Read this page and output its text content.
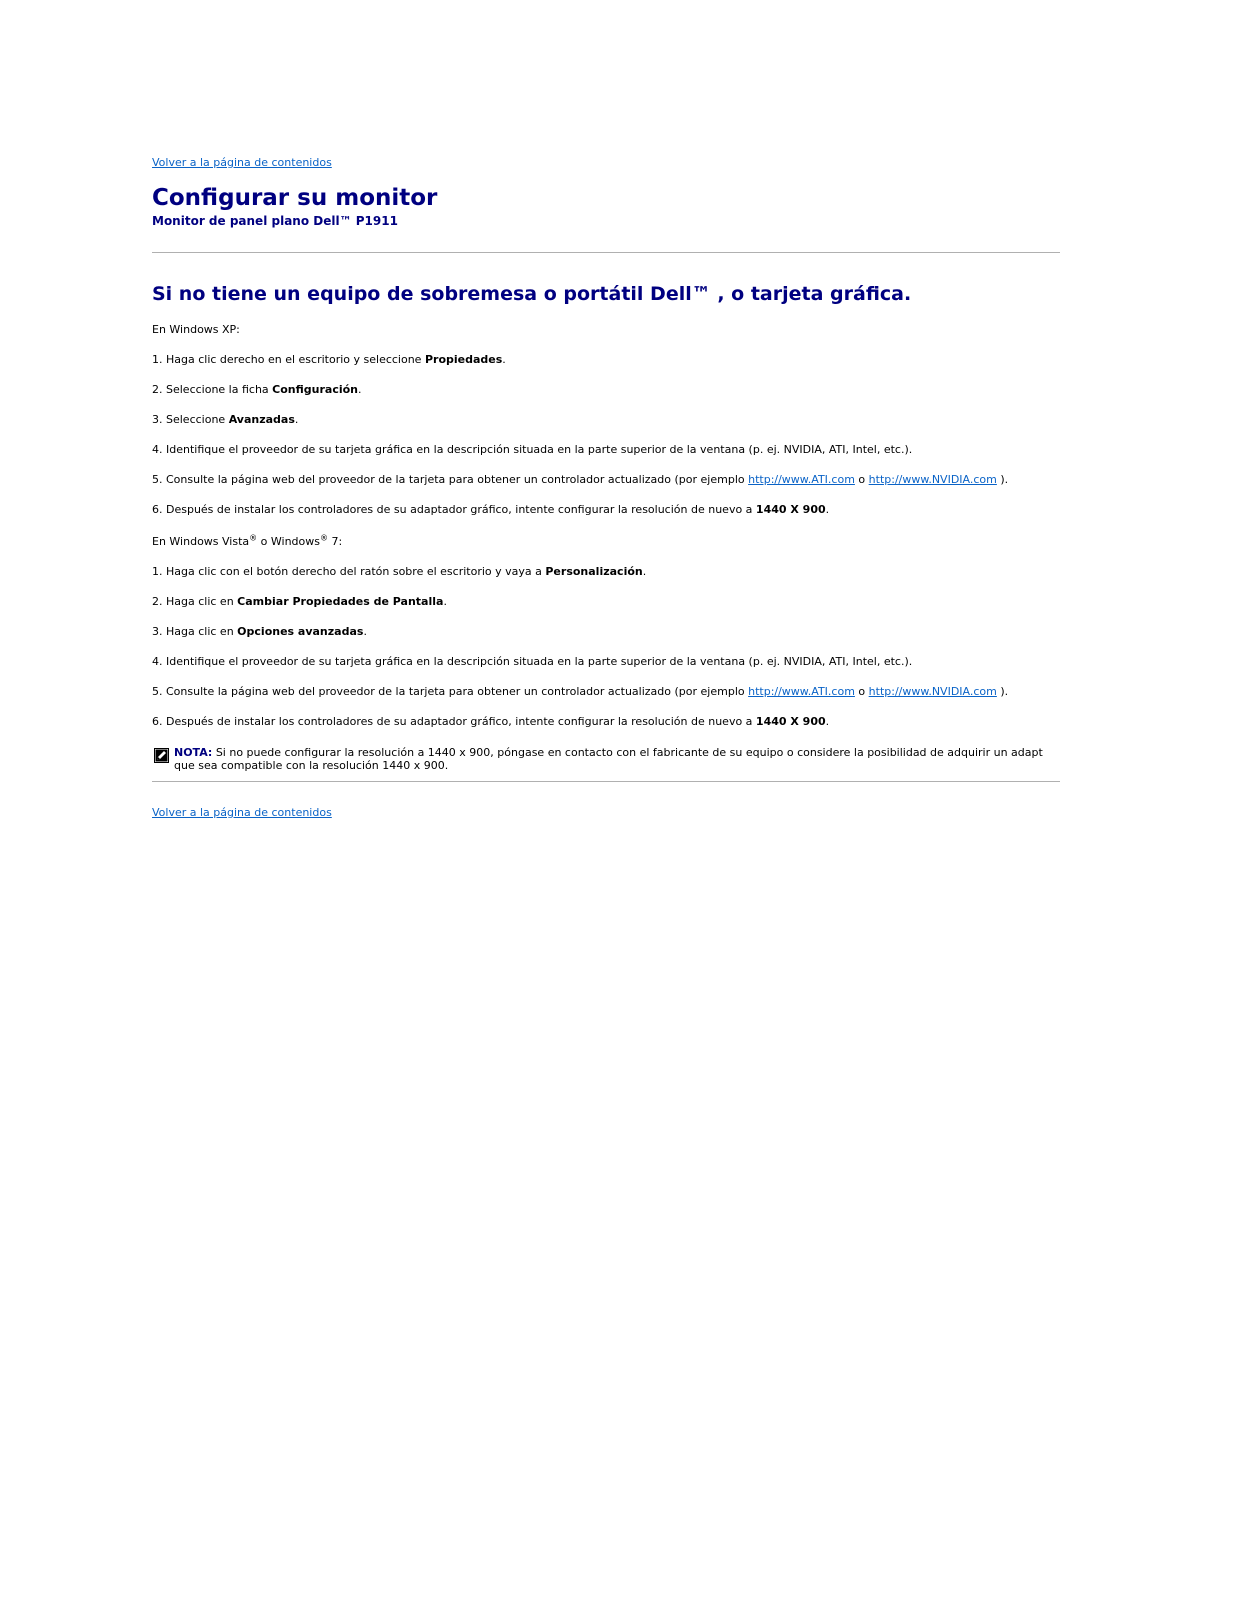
Volver a la página de contenidos
Configurar su monitor
Monitor de panel plano Dell™ P1911
Si no tiene un equipo de sobremesa o portátil Dell™ , o tarjeta gráfica.
En Windows XP:
1. Haga clic derecho en el escritorio y seleccione Propiedades.
2. Seleccione la ficha Configuración.
3. Seleccione Avanzadas.
4. Identifique el proveedor de su tarjeta gráfica en la descripción situada en la parte superior de la ventana (p. ej. NVIDIA, ATI, Intel, etc.).
5. Consulte la página web del proveedor de la tarjeta para obtener un controlador actualizado (por ejemplo http://www.ATI.com o http://www.NVIDIA.com ).
6. Después de instalar los controladores de su adaptador gráfico, intente configurar la resolución de nuevo a 1440 X 900.
En Windows Vista® o Windows® 7:
1. Haga clic con el botón derecho del ratón sobre el escritorio y vaya a Personalización.
2. Haga clic en Cambiar Propiedades de Pantalla.
3. Haga clic en Opciones avanzadas.
4. Identifique el proveedor de su tarjeta gráfica en la descripción situada en la parte superior de la ventana (p. ej. NVIDIA, ATI, Intel, etc.).
5. Consulte la página web del proveedor de la tarjeta para obtener un controlador actualizado (por ejemplo http://www.ATI.com o http://www.NVIDIA.com ).
6. Después de instalar los controladores de su adaptador gráfico, intente configurar la resolución de nuevo a 1440 X 900.
NOTA: Si no puede configurar la resolución a 1440 x 900, póngase en contacto con el fabricante de su equipo o considere la posibilidad de adquirir un adapt
que sea compatible con la resolución 1440 x 900.
Volver a la página de contenidos
